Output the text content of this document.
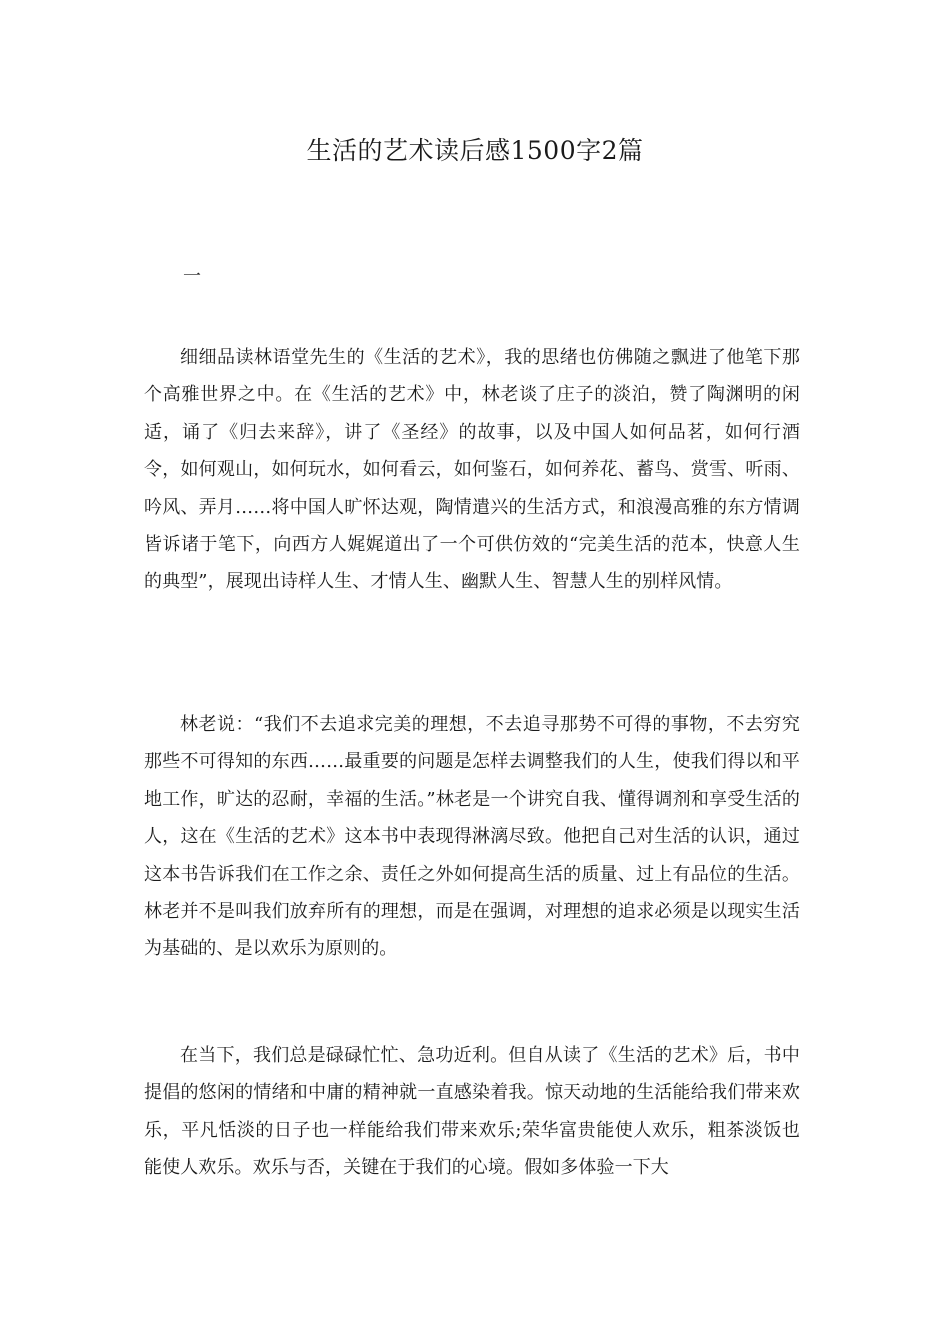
生活的艺术读后感1500字2篇
一

细细品读林语堂先生的《生活的艺术》，我的思绪也仿佛随之飘进了他笔下那个高雅世界之中。在《生活的艺术》中，林老谈了庄子的淡泊，赞了陶渊明的闲适，诵了《归去来辞》，讲了《圣经》的故事，以及中国人如何品茗，如何行酒令，如何观山，如何玩水，如何看云，如何鉴石，如何养花、蓄鸟、赏雪、听雨、吟风、弄月……将中国人旷怀达观，陶情遣兴的生活方式，和浪漫高雅的东方情调皆诉诸于笔下，向西方人娓娓道出了一个可供仿效的“完美生活的范本，快意人生的典型”，展现出诗样人生、才情人生、幽默人生、智慧人生的别样风情。

林老说：“我们不去追求完美的理想，不去追寻那势不可得的事物，不去穷究那些不可得知的东西……最重要的问题是怎样去调整我们的人生，使我们得以和平地工作，旷达的忍耐，幸福的生活。”林老是一个讲究自我、懂得调剂和享受生活的人，这在《生活的艺术》这本书中表现得淋漓尽致。他把自己对生活的认识，通过这本书告诉我们在工作之余、责任之外如何提高生活的质量、过上有品位的生活。林老并不是叫我们放弃所有的理想，而是在强调，对理想的追求必须是以现实生活为基础的、是以欢乐为原则的。

在当下，我们总是碌碌忙忙、急功近利。但自从读了《生活的艺术》后，书中提倡的悠闲的情绪和中庸的精神就一直感染着我。惊天动地的生活能给我们带来欢乐，平凡恬淡的日子也一样能给我们带来欢乐;荣华富贵能使人欢乐，粗茶淡饭也能使人欢乐。欢乐与否，关键在于我们的心境。假如多体验一下大
